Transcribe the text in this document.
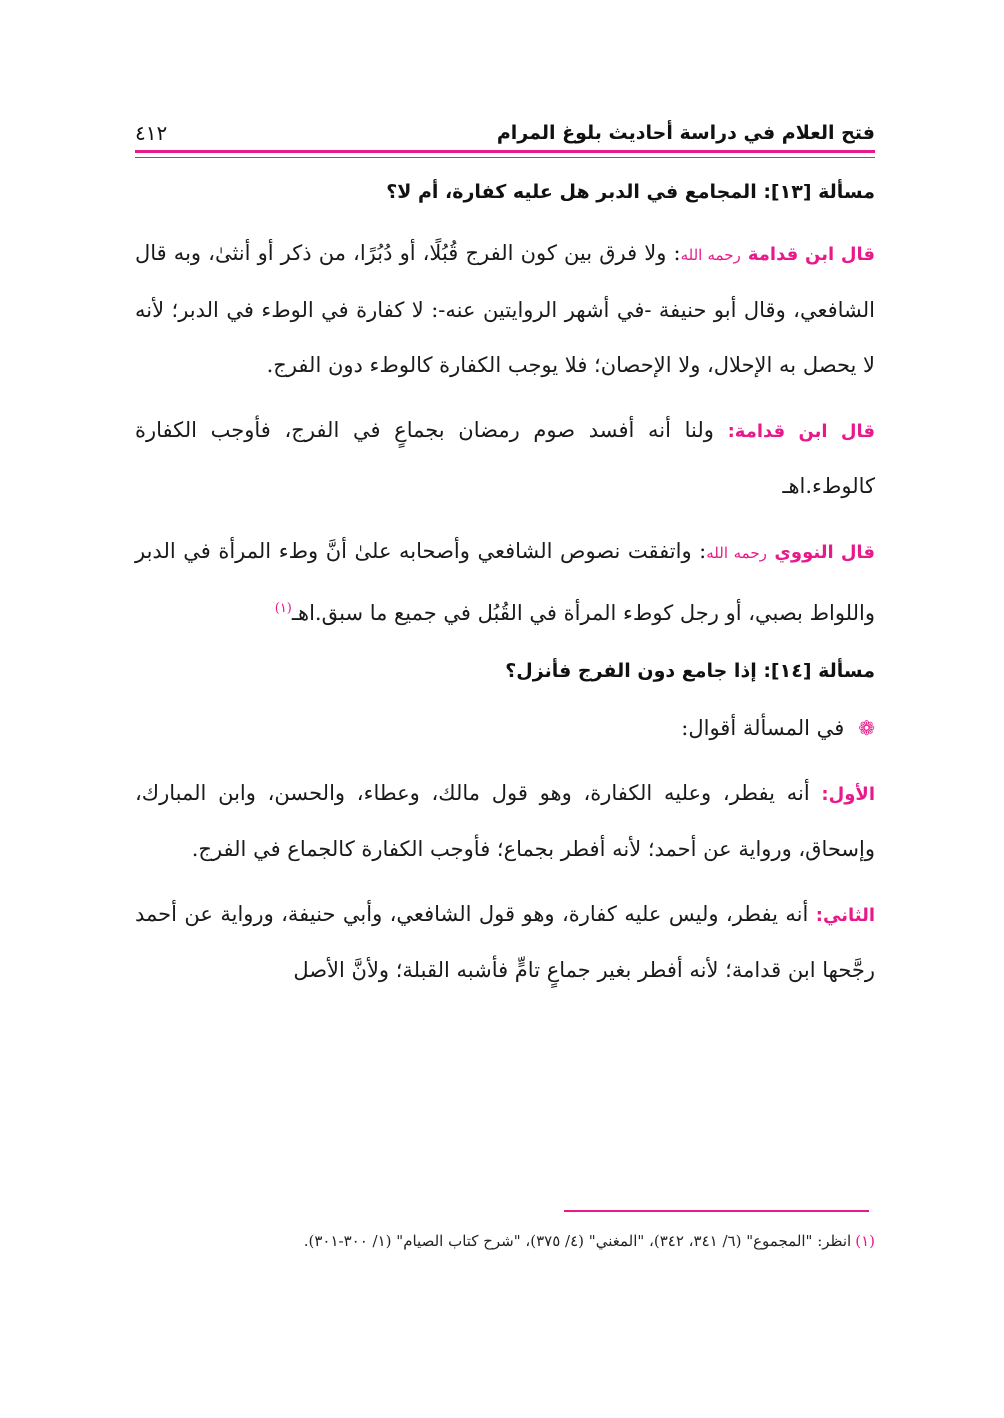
فتح العلام في دراسة أحاديث بلوغ المرام
٤١٢

مسألة [١٣]: المجامع في الدبر هل عليه كفارة، أم لا؟

قال ابن قدامة رحمه الله: ولا فرق بين كون الفرج قُبُلًا، أو دُبُرًا، من ذكر أو أنثىٰ، وبه قال الشافعي، وقال أبو حنيفة -في أشهر الروايتين عنه-: لا كفارة في الوطء في الدبر؛ لأنه لا يحصل به الإحلال، ولا الإحصان؛ فلا يوجب الكفارة كالوطء دون الفرج.

قال ابن قدامة: ولنا أنه أفسد صوم رمضان بجماعٍ في الفرج، فأوجب الكفارة كالوطء.اهـ

قال النووي رحمه الله: واتفقت نصوص الشافعي وأصحابه علىٰ أنَّ وطء المرأة في الدبر واللواط بصبي، أو رجل كوطء المرأة في القُبُل في جميع ما سبق.اهـ$^{(١)}$

مسألة [١٤]: إذا جامع دون الفرج فأنزل؟

❁في المسألة أقوال:

الأول: أنه يفطر، وعليه الكفارة، وهو قول مالك، وعطاء، والحسن، وابن المبارك، وإسحاق، ورواية عن أحمد؛ لأنه أفطر بجماع؛ فأوجب الكفارة كالجماع في الفرج.

الثاني: أنه يفطر، وليس عليه كفارة، وهو قول الشافعي، وأبي حنيفة، ورواية عن أحمد رجَّحها ابن قدامة؛ لأنه أفطر بغير جماعٍ تامٍّ فأشبه القبلة؛ ولأنَّ الأصل

(١)انظر: "المجموع" (٦/ ٣٤١، ٣٤٢)، "المغني" (٤/ ٣٧٥)، "شرح كتاب الصيام" (١/ ٣٠٠-٣٠١).
